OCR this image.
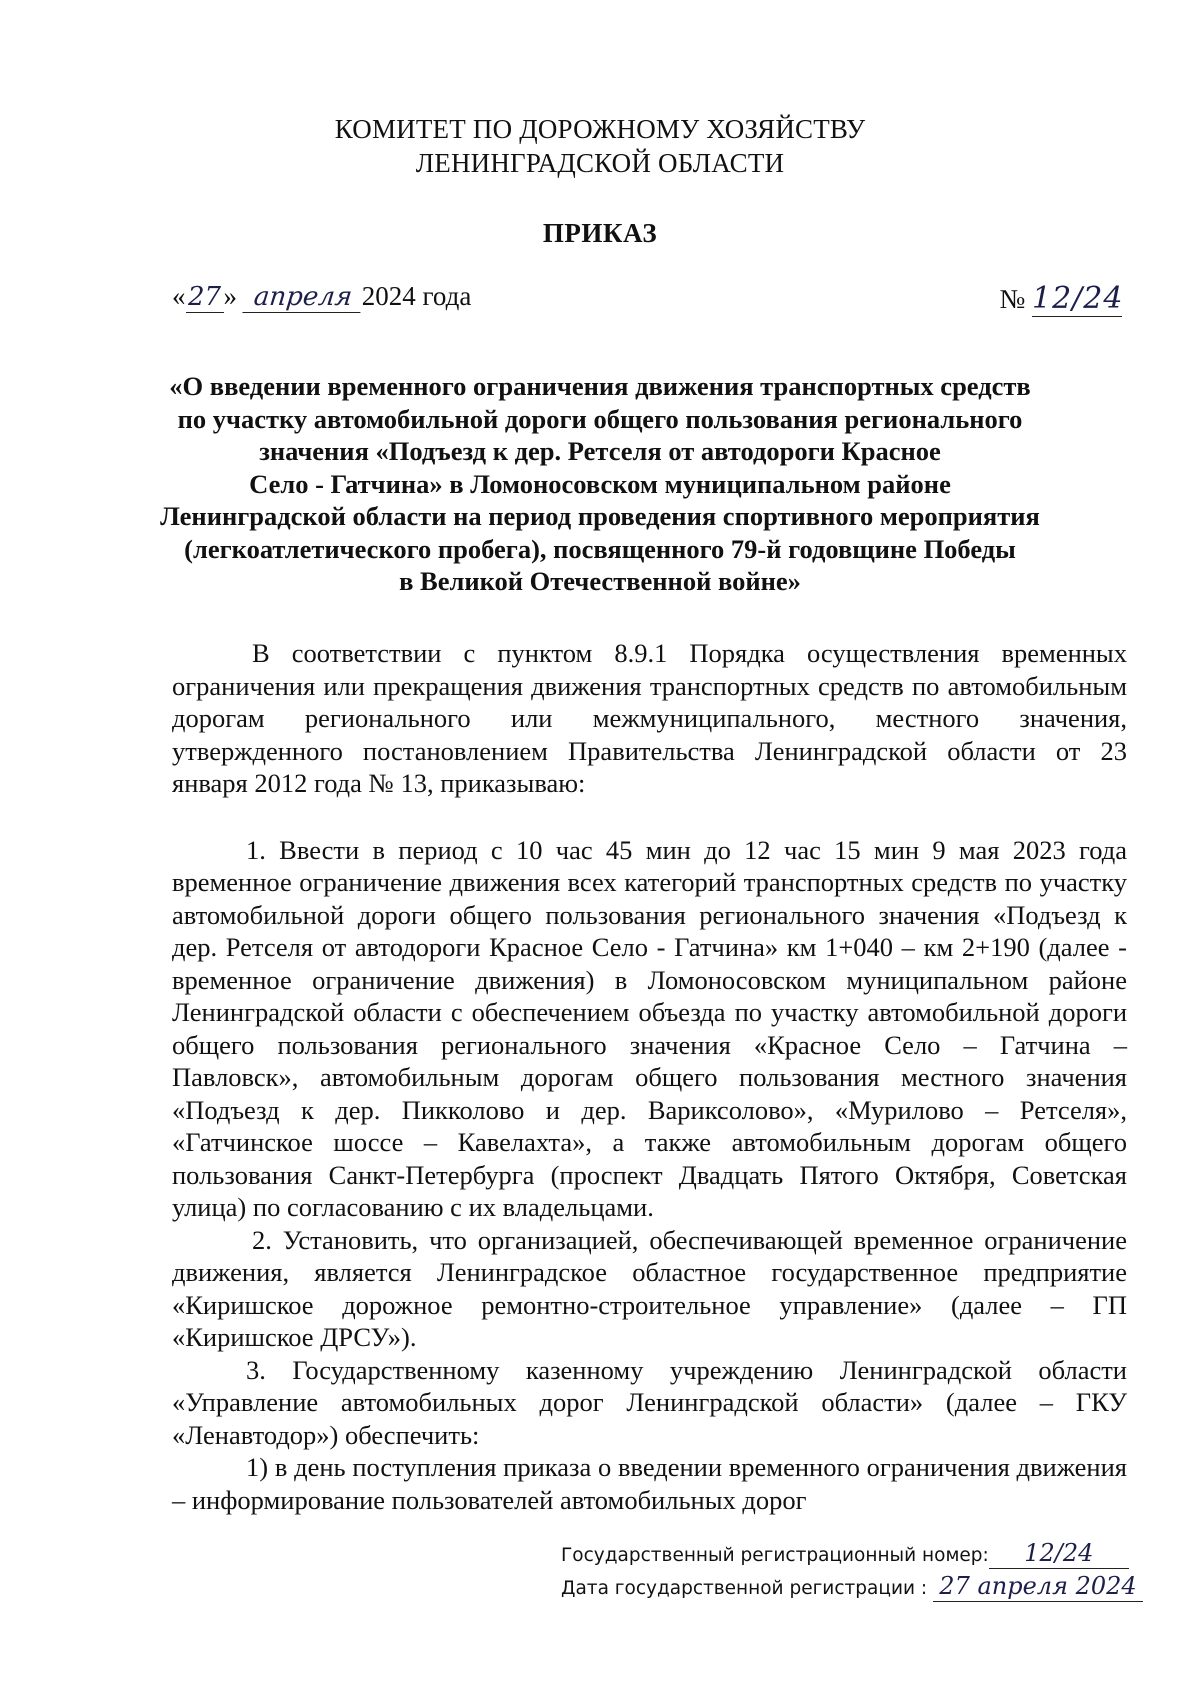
КОМИТЕТ ПО ДОРОЖНОМУ ХОЗЯЙСТВУ
ЛЕНИНГРАДСКОЙ ОБЛАСТИ
ПРИКАЗ
«27» апреля 2024 года	№ 12/24
«О введении временного ограничения движения транспортных средств
по участку автомобильной дороги общего пользования регионального
значения «Подъезд к дер. Ретселя от автодороги Красное
Село - Гатчина» в Ломоносовском муниципальном районе
Ленинградской области на период проведения спортивного мероприятия
(легкоатлетического пробега), посвященного 79-й годовщине Победы
в Великой Отечественной войне»

В соответствии с пунктом 8.9.1 Порядка осуществления временных ограничения или прекращения движения транспортных средств по автомобильным дорогам регионального или межмуниципального, местного значения, утвержденного постановлением Правительства Ленинградской области от 23 января 2012 года № 13, приказываю:

1. Ввести в период с 10 час 45 мин до 12 час 15 мин 9 мая 2023 года временное ограничение движения всех категорий транспортных средств по участку автомобильной дороги общего пользования регионального значения «Подъезд к дер. Ретселя от автодороги Красное Село - Гатчина» км 1+040 – км 2+190 (далее - временное ограничение движения) в Ломоносовском муниципальном районе Ленинградской области с обеспечением объезда по участку автомобильной дороги общего пользования регионального значения «Красное Село – Гатчина – Павловск», автомобильным дорогам общего пользования местного значения «Подъезд к дер. Пикколово и дер. Вариксолово», «Мурилово – Ретселя», «Гатчинское шоссе – Кавелахта», а также автомобильным дорогам общего пользования Санкт-Петербурга (проспект Двадцать Пятого Октября, Советская улица) по согласованию с их владельцами.

2. Установить, что организацией, обеспечивающей временное ограничение движения, является Ленинградское областное государственное предприятие «Киришское дорожное ремонтно-строительное управление» (далее – ГП «Киришское ДРСУ»).

3. Государственному казенному учреждению Ленинградской области «Управление автомобильных дорог Ленинградской области» (далее – ГКУ «Ленавтодор») обеспечить:

1) в день поступления приказа о введении временного ограничения движения – информирование пользователей автомобильных дорог

Государственный регистрационный номер: 12/24
Дата государственной регистрации : 27 апреля 2024
